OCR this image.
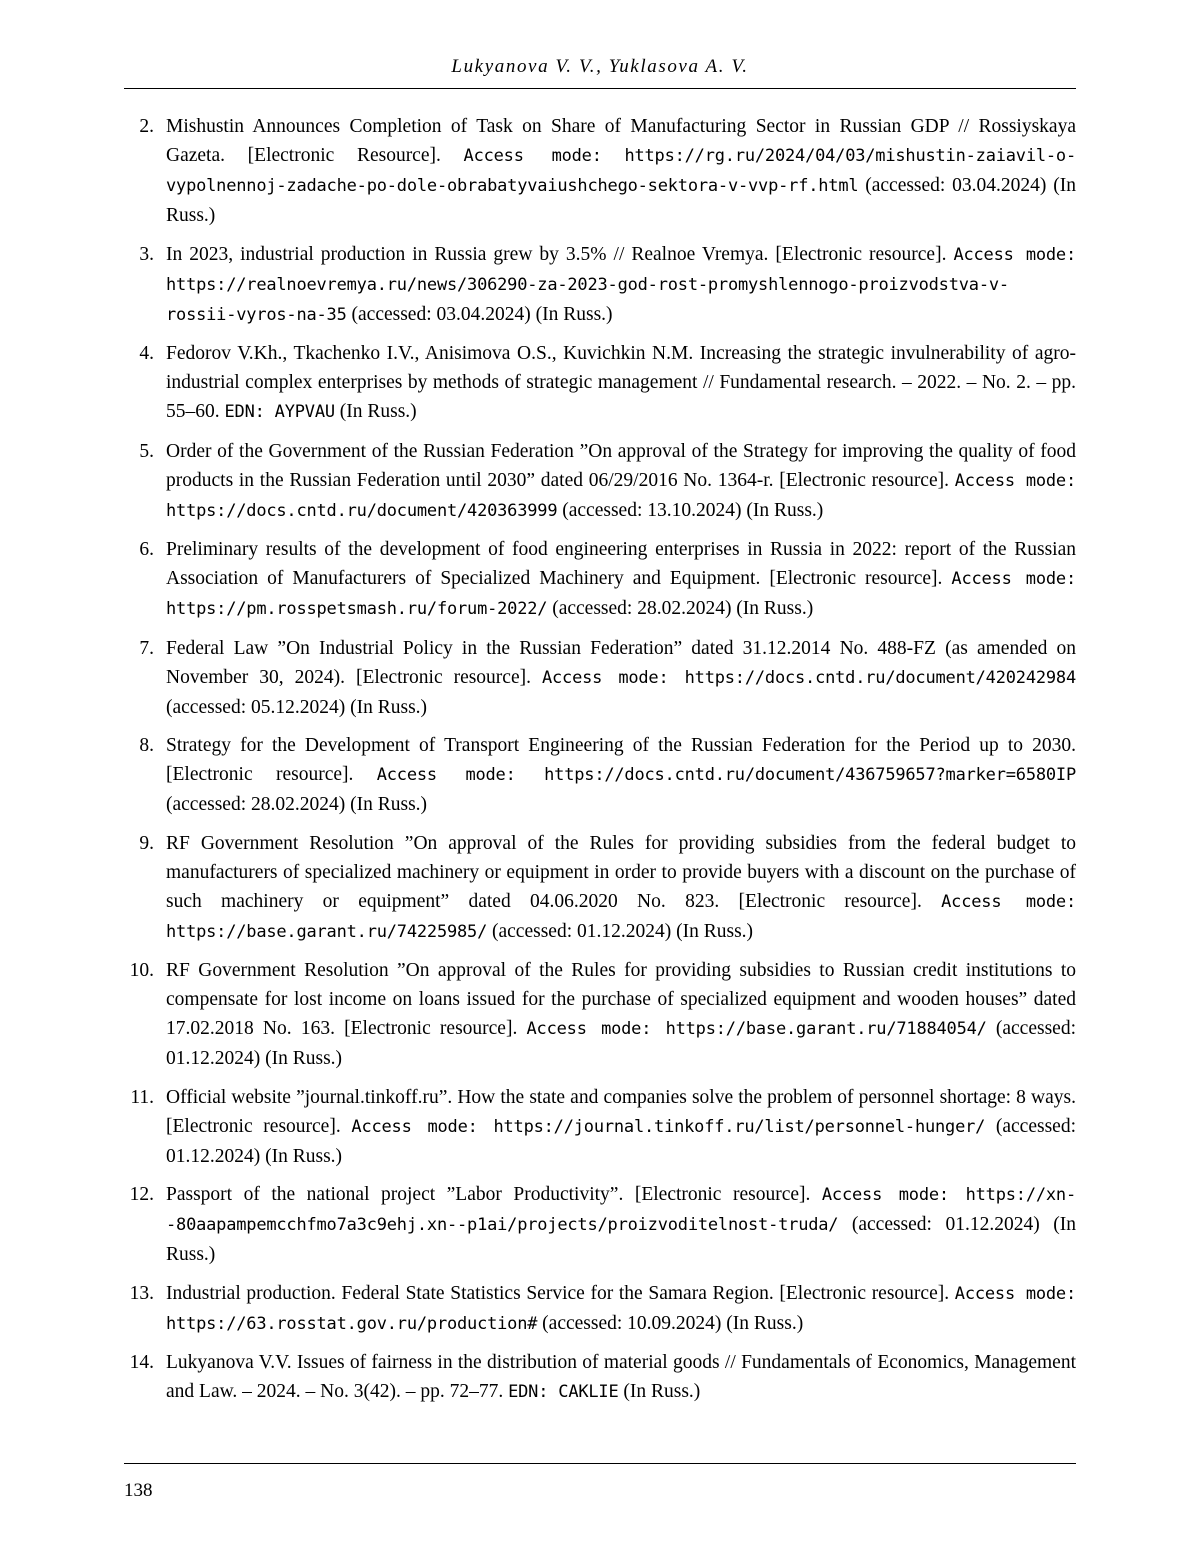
Lukyanova V. V., Yuklasova A. V.
2. Mishustin Announces Completion of Task on Share of Manufacturing Sector in Russian GDP // Rossiyskaya Gazeta. [Electronic Resource]. Access mode: https://rg.ru/2024/04/03/mishustin-zaiavil-o-vypolnennoj-zadache-po-dole-obrabatyvaiushchego-sektora-v-vvp-rf.html (accessed: 03.04.2024) (In Russ.)
3. In 2023, industrial production in Russia grew by 3.5% // Realnoe Vremya. [Electronic resource]. Access mode: https://realnoevremya.ru/news/306290-za-2023-god-rost-promyshlennogo-proizvodstva-v-rossii-vyros-na-35 (accessed: 03.04.2024) (In Russ.)
4. Fedorov V.Kh., Tkachenko I.V., Anisimova O.S., Kuvichkin N.M. Increasing the strategic invulnerability of agro-industrial complex enterprises by methods of strategic management // Fundamental research. – 2022. – No. 2. – pp. 55–60. EDN: AYPVAU (In Russ.)
5. Order of the Government of the Russian Federation ”On approval of the Strategy for improving the quality of food products in the Russian Federation until 2030” dated 06/29/2016 No. 1364-r. [Electronic resource]. Access mode: https://docs.cntd.ru/document/420363999 (accessed: 13.10.2024) (In Russ.)
6. Preliminary results of the development of food engineering enterprises in Russia in 2022: report of the Russian Association of Manufacturers of Specialized Machinery and Equipment. [Electronic resource]. Access mode: https://pm.rosspetsmash.ru/forum-2022/ (accessed: 28.02.2024) (In Russ.)
7. Federal Law ”On Industrial Policy in the Russian Federation” dated 31.12.2014 No. 488-FZ (as amended on November 30, 2024). [Electronic resource]. Access mode: https://docs.cntd.ru/document/420242984 (accessed: 05.12.2024) (In Russ.)
8. Strategy for the Development of Transport Engineering of the Russian Federation for the Period up to 2030. [Electronic resource]. Access mode: https://docs.cntd.ru/document/436759657?marker=6580IP (accessed: 28.02.2024) (In Russ.)
9. RF Government Resolution ”On approval of the Rules for providing subsidies from the federal budget to manufacturers of specialized machinery or equipment in order to provide buyers with a discount on the purchase of such machinery or equipment” dated 04.06.2020 No. 823. [Electronic resource]. Access mode: https://base.garant.ru/74225985/ (accessed: 01.12.2024) (In Russ.)
10. RF Government Resolution ”On approval of the Rules for providing subsidies to Russian credit institutions to compensate for lost income on loans issued for the purchase of specialized equipment and wooden houses” dated 17.02.2018 No. 163. [Electronic resource]. Access mode: https://base.garant.ru/71884054/ (accessed: 01.12.2024) (In Russ.)
11. Official website ”journal.tinkoff.ru”. How the state and companies solve the problem of personnel shortage: 8 ways. [Electronic resource]. Access mode: https://journal.tinkoff.ru/list/personnel-hunger/ (accessed: 01.12.2024) (In Russ.)
12. Passport of the national project ”Labor Productivity”. [Electronic resource]. Access mode: https://xn--80aapampemcchfmo7a3c9ehj.xn--p1ai/projects/proizvoditelnost-truda/ (accessed: 01.12.2024) (In Russ.)
13. Industrial production. Federal State Statistics Service for the Samara Region. [Electronic resource]. Access mode: https://63.rosstat.gov.ru/production# (accessed: 10.09.2024) (In Russ.)
14. Lukyanova V.V. Issues of fairness in the distribution of material goods // Fundamentals of Economics, Management and Law. – 2024. – No. 3(42). – pp. 72–77. EDN: CAKLIE (In Russ.)
138
